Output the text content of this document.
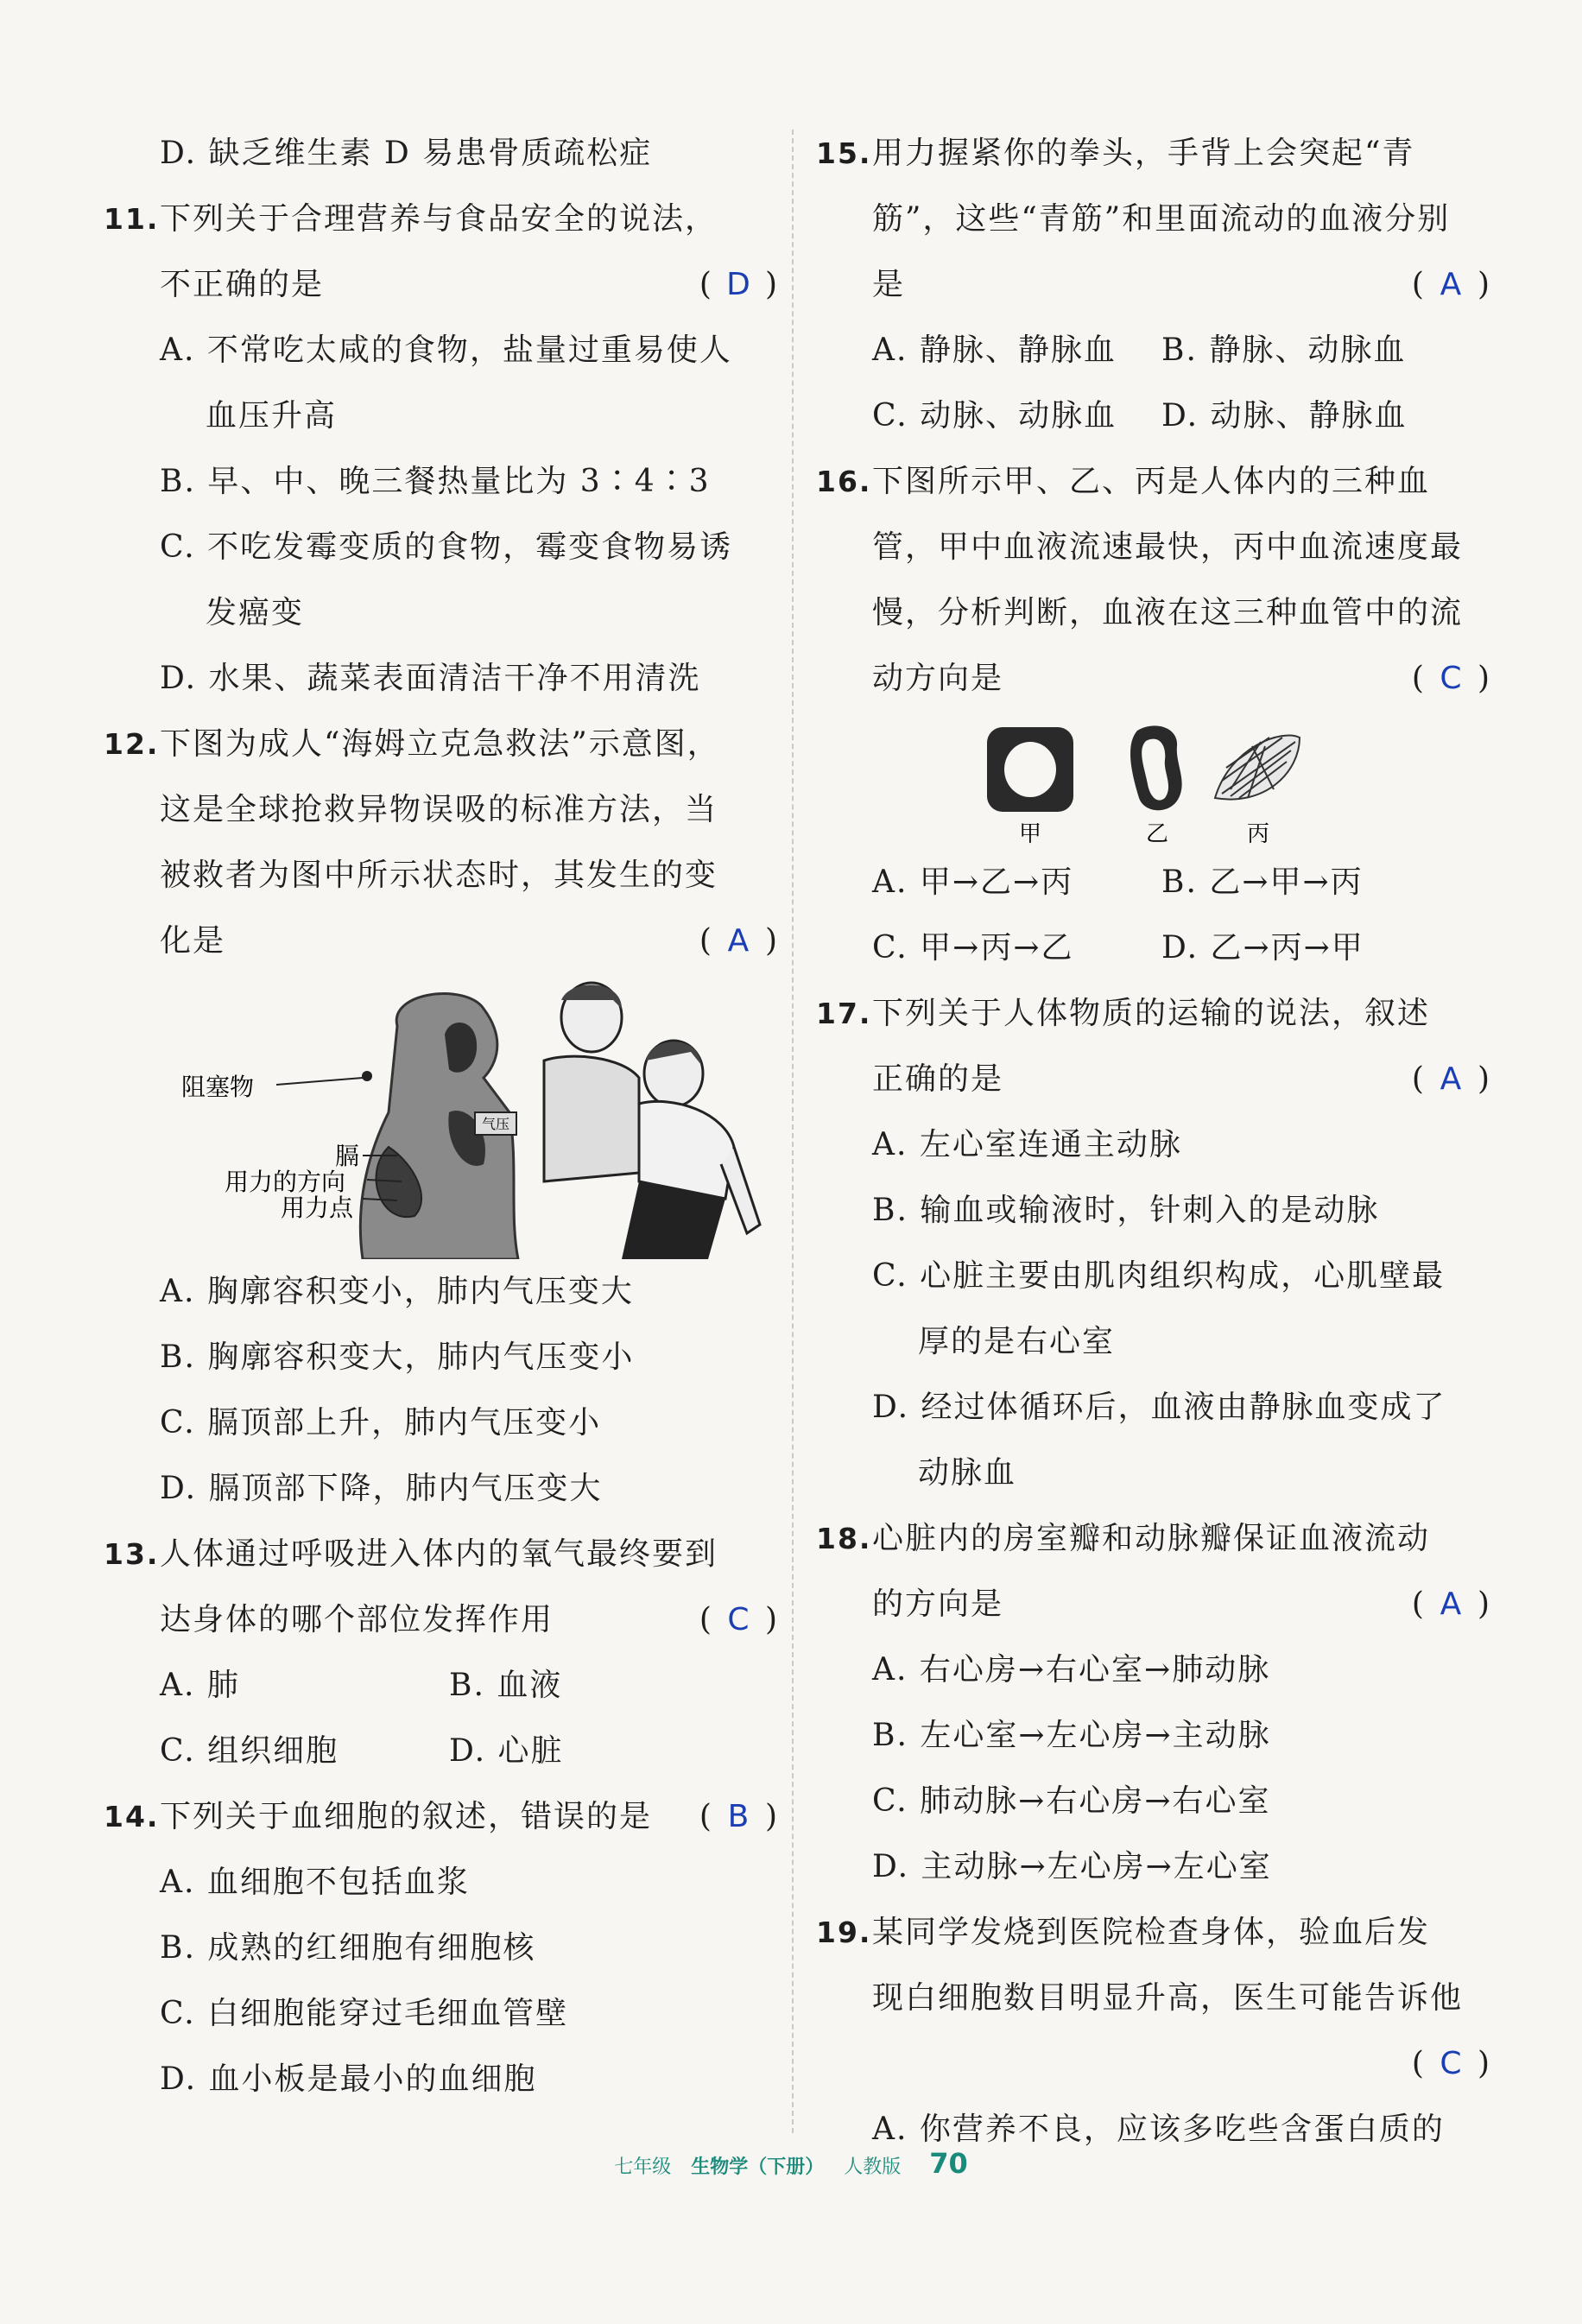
D. 缺乏维生素 D 易患骨质疏松症
11.下列关于合理营养与食品安全的说法，
不正确的是	( D )
A. 不常吃太咸的食物，盐量过重易使人
血压升高
B. 早、中、晚三餐热量比为 3∶4∶3
C. 不吃发霉变质的食物，霉变食物易诱
发癌变
D. 水果、蔬菜表面清洁干净不用清洗
12.下图为成人“海姆立克急救法”示意图，
这是全球抢救异物误吸的标准方法，当
被救者为图中所示状态时，其发生的变
化是	( A )
气压
阻塞物
膈
用力的方向
用力点
A. 胸廓容积变小，肺内气压变大
B. 胸廓容积变大，肺内气压变小
C. 膈顶部上升，肺内气压变小
D. 膈顶部下降，肺内气压变大
13.人体通过呼吸进入体内的氧气最终要到
达身体的哪个部位发挥作用	( C )
A. 肺	B. 血液
C. 组织细胞	D. 心脏
14.下列关于血细胞的叙述，错误的是 ( B )
A. 血细胞不包括血浆
B. 成熟的红细胞有细胞核
C. 白细胞能穿过毛细血管壁
D. 血小板是最小的血细胞
15.用力握紧你的拳头，手背上会突起“青
筋”，这些“青筋”和里面流动的血液分别
是	( A )
A. 静脉、静脉血	B. 静脉、动脉血
C. 动脉、动脉血	D. 动脉、静脉血
16.下图所示甲、乙、丙是人体内的三种血
管，甲中血液流速最快，丙中血流速度最
慢，分析判断，血液在这三种血管中的流
动方向是	( C )
甲	乙	丙
A. 甲→乙→丙	B. 乙→甲→丙
C. 甲→丙→乙	D. 乙→丙→甲
17.下列关于人体物质的运输的说法，叙述
正确的是	( A )
A. 左心室连通主动脉
B. 输血或输液时，针刺入的是动脉
C. 心脏主要由肌肉组织构成，心肌壁最
厚的是右心室
D. 经过体循环后，血液由静脉血变成了
动脉血
18.心脏内的房室瓣和动脉瓣保证血液流动
的方向是	( A )
A. 右心房→右心室→肺动脉
B. 左心室→左心房→主动脉
C. 肺动脉→右心房→右心室
D. 主动脉→左心房→左心室
19.某同学发烧到医院检查身体，验血后发
现白细胞数目明显升高，医生可能告诉他
( C )
A. 你营养不良，应该多吃些含蛋白质的
七年级 生物学（下册） 人教版 70
